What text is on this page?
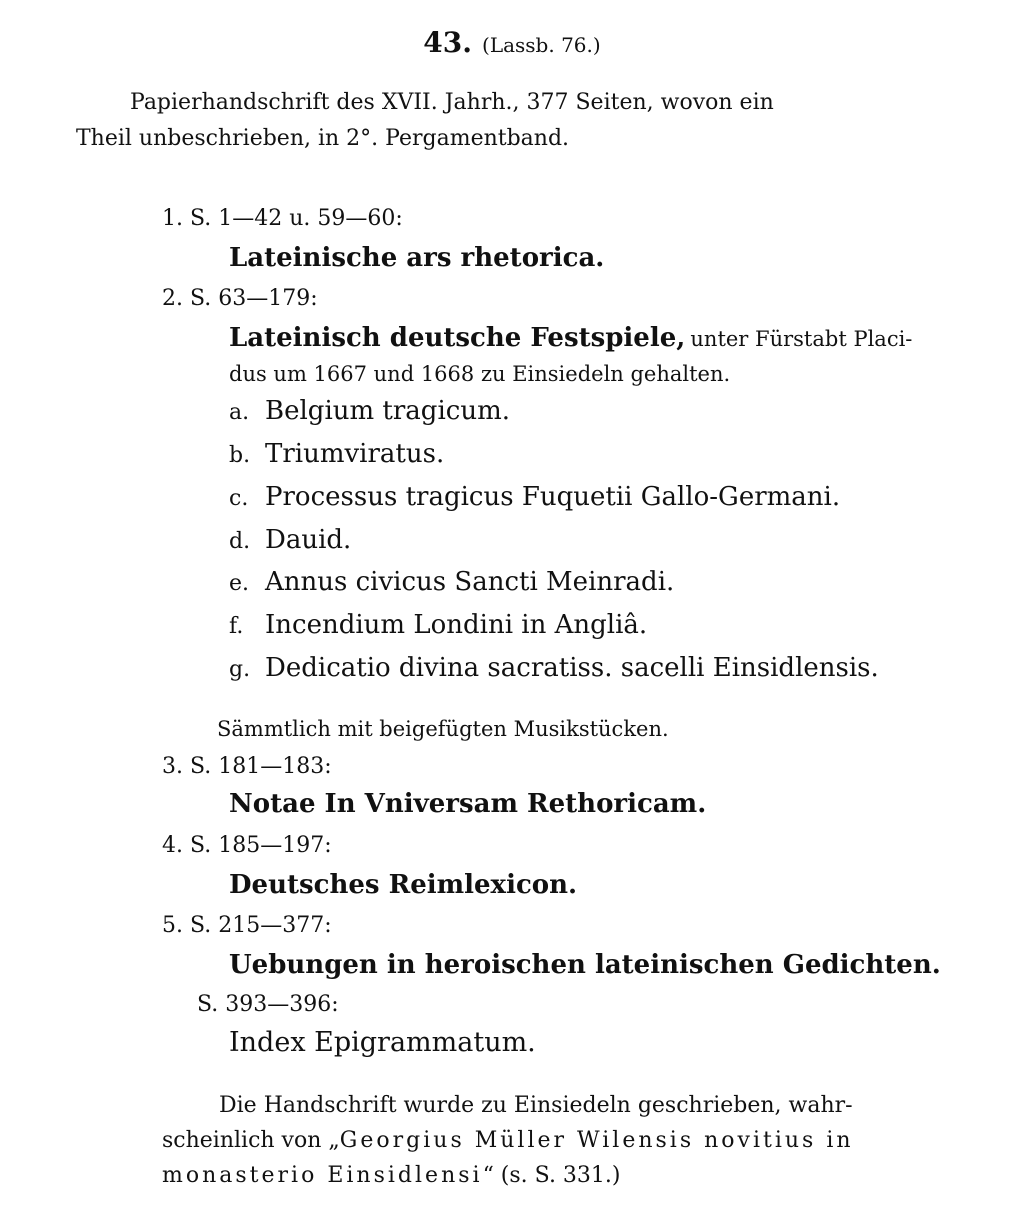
43. (Lassb. 76.)
Papierhandschrift des XVII. Jahrh., 377 Seiten, wovon ein
Theil unbeschrieben, in 2°. Pergamentband.
1. S. 1—42 u. 59—60:
Lateinische ars rhetorica.
2. S. 63—179:
Lateinisch deutsche Festspiele, unter Fürstabt Placi-
dus um 1667 und 1668 zu Einsiedeln gehalten.
a. Belgium tragicum.
b. Triumviratus.
c. Processus tragicus Fuquetii Gallo-Germani.
d. Dauid.
e. Annus civicus Sancti Meinradi.
f. Incendium Londini in Angliâ.
g. Dedicatio divina sacratiss. sacelli Einsidlensis.
Sämmtlich mit beigefügten Musikstücken.
3. S. 181—183:
Notae In Vniversam Rethoricam.
4. S. 185—197:
Deutsches Reimlexicon.
5. S. 215—377:
Uebungen in heroischen lateinischen Gedichten.
S. 393—396:
Index Epigrammatum.
Die Handschrift wurde zu Einsiedeln geschrieben, wahr-
scheinlich von „Georgius Müller Wilensis novitius in
monasterio Einsidlensi“ (s. S. 331.)
